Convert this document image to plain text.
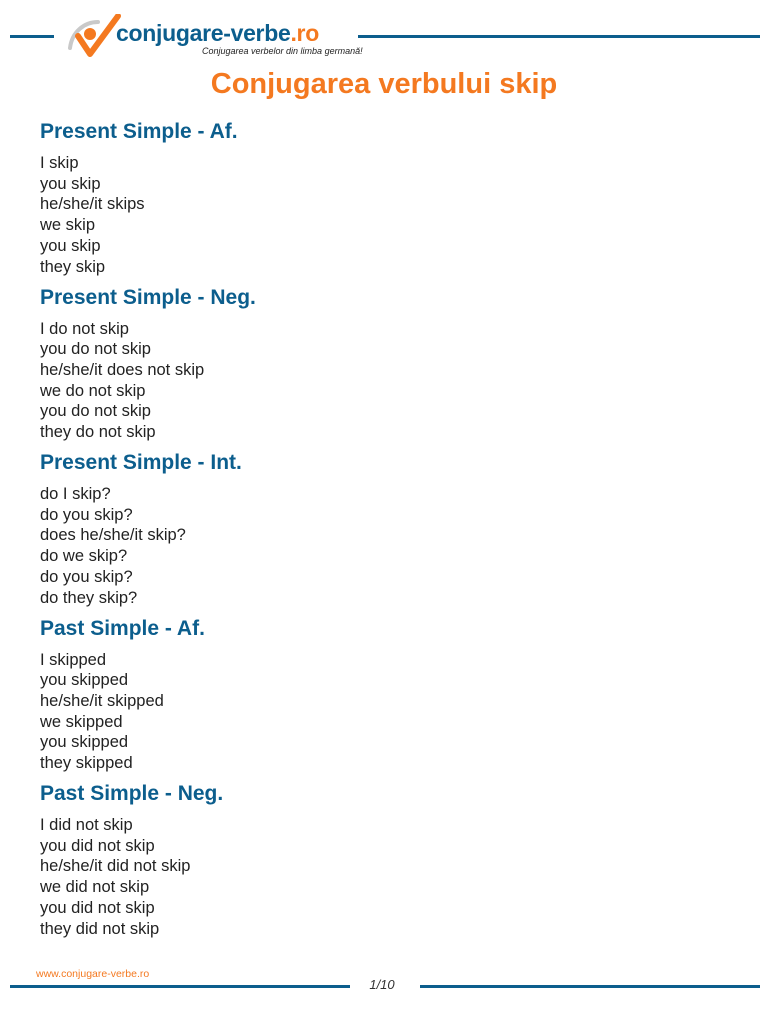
conjugare-verbe.ro
Conjugarea verbelor din limba germană!
Conjugarea verbului skip
Present Simple - Af.
I skip
you skip
he/she/it skips
we skip
you skip
they skip
Present Simple - Neg.
I do not skip
you do not skip
he/she/it does not skip
we do not skip
you do not skip
they do not skip
Present Simple - Int.
do I skip?
do you skip?
does he/she/it skip?
do we skip?
do you skip?
do they skip?
Past Simple - Af.
I skipped
you skipped
he/she/it skipped
we skipped
you skipped
they skipped
Past Simple - Neg.
I did not skip
you did not skip
he/she/it did not skip
we did not skip
you did not skip
they did not skip
www.conjugare-verbe.ro
1/10
